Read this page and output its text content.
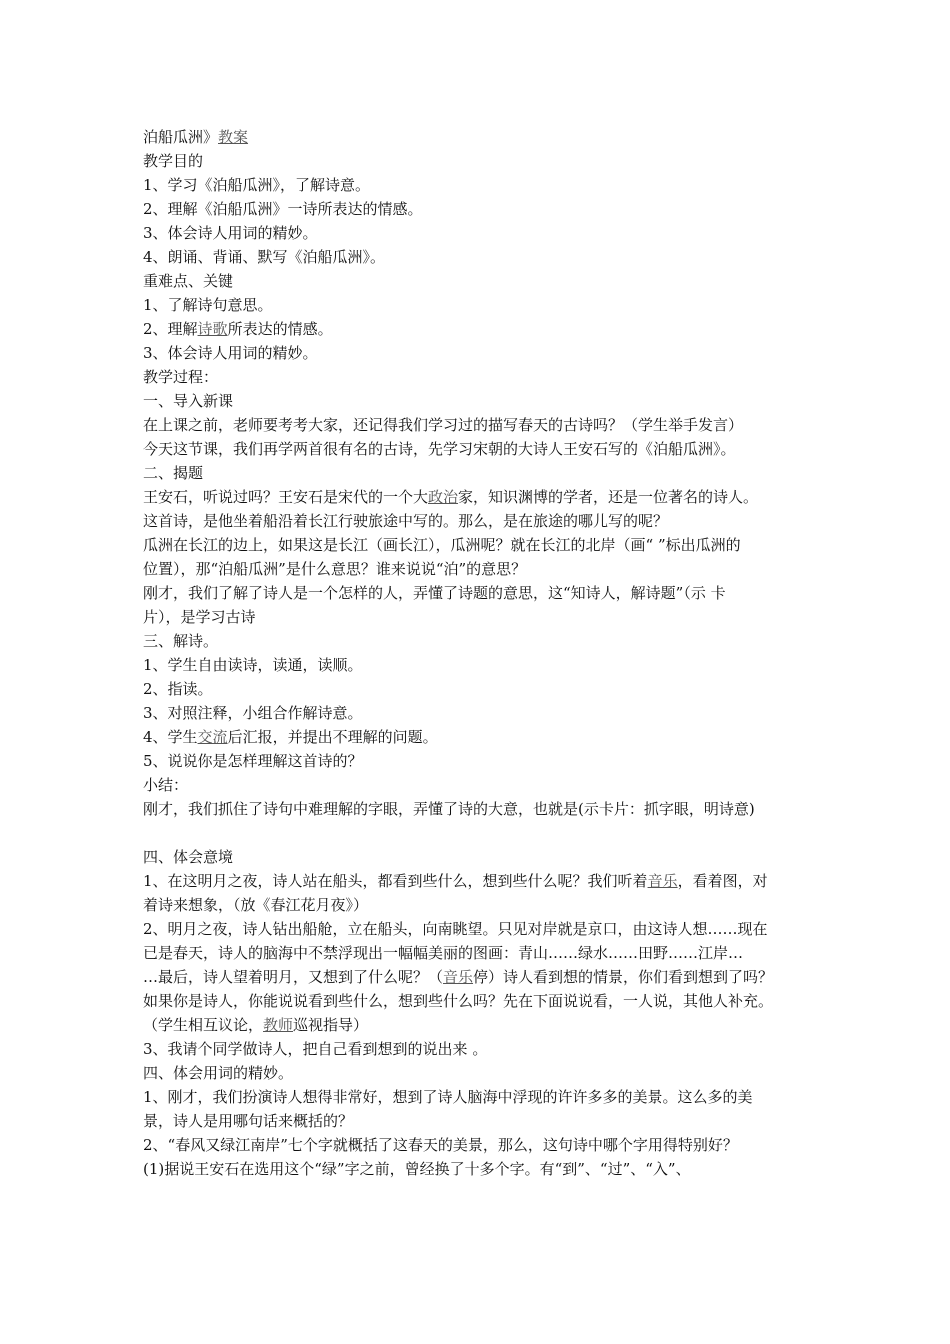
泊船瓜洲》教案
教学目的
1、学习《泊船瓜洲》，了解诗意。
2、理解《泊船瓜洲》一诗所表达的情感。
3、体会诗人用词的精妙。
4、朗诵、背诵、默写《泊船瓜洲》。
重难点、关键
1、了解诗句意思。
2、理解诗歌所表达的情感。
3、体会诗人用词的精妙。
教学过程：
一、导入新课
在上课之前，老师要考考大家，还记得我们学习过的描写春天的古诗吗？（学生举手发言）
今天这节课，我们再学两首很有名的古诗，先学习宋朝的大诗人王安石写的《泊船瓜洲》。
二、揭题
王安石，听说过吗？王安石是宋代的一个大政治家，知识渊博的学者，还是一位著名的诗人。
这首诗，是他坐着船沿着长江行驶旅途中写的。那么，是在旅途的哪儿写的呢？
瓜洲在长江的边上，如果这是长江（画长江），瓜洲呢？就在长江的北岸（画“ ”标出瓜洲的
位置），那“泊船瓜洲”是什么意思？谁来说说“泊”的意思？
刚才，我们了解了诗人是一个怎样的人，弄懂了诗题的意思，这“知诗人，解诗题”（示 卡
片），是学习古诗
三、解诗。
1、学生自由读诗，读通，读顺。
2、指读。
3、对照注释，小组合作解诗意。
4、学生交流后汇报，并提出不理解的问题。
5、说说你是怎样理解这首诗的？
小结：
刚才，我们抓住了诗句中难理解的字眼，弄懂了诗的大意，也就是(示卡片：抓字眼，明诗意)
四、体会意境
1、在这明月之夜，诗人站在船头，都看到些什么，想到些什么呢？我们听着音乐，看着图，对
着诗来想象，（放《春江花月夜》）
2、明月之夜，诗人钻出船舱，立在船头，向南眺望。只见对岸就是京口，由这诗人想……现在
已是春天，诗人的脑海中不禁浮现出一幅幅美丽的图画：青山……绿水……田野……江岸…
…最后，诗人望着明月，又想到了什么呢？（音乐停）诗人看到想的情景，你们看到想到了吗？
如果你是诗人，你能说说看到些什么，想到些什么吗？先在下面说说看，一人说，其他人补充。
（学生相互议论，教师巡视指导）
3、我请个同学做诗人，把自己看到想到的说出来 。
四、体会用词的精妙。
1、刚才，我们扮演诗人想得非常好，想到了诗人脑海中浮现的许许多多的美景。这么多的美
景，诗人是用哪句话来概括的？
2、“春风又绿江南岸”七个字就概括了这春天的美景，那么，这句诗中哪个字用得特别好？
(1)据说王安石在选用这个“绿”字之前，曾经换了十多个字。有“到”、“过”、“入”、
